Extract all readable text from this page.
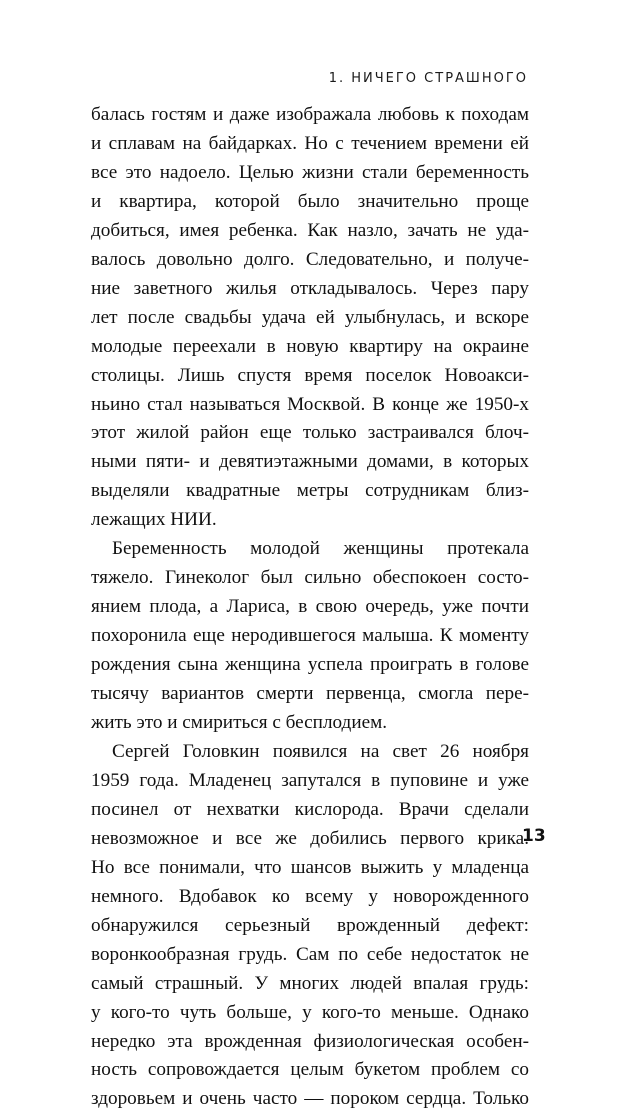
1. НИЧЕГО СТРАШНОГО
балась гостям и даже изображала любовь к походам
и сплавам на байдарках. Но с течением времени ей
все это надоело. Целью жизни стали беременность
и квартира, которой было значительно проще
добиться, имея ребенка. Как назло, зачать не уда-
валось довольно долго. Следовательно, и получе-
ние заветного жилья откладывалось. Через пару
лет после свадьбы удача ей улыбнулась, и вскоре
молодые переехали в новую квартиру на окраине
столицы. Лишь спустя время поселок Новоакси-
ньино стал называться Москвой. В конце же 1950-х
этот жилой район еще только застраивался блоч-
ными пяти- и девятиэтажными домами, в которых
выделяли квадратные метры сотрудникам близ-
лежащих НИИ.
Беременность молодой женщины протекала
тяжело. Гинеколог был сильно обеспокоен состо-
янием плода, а Лариса, в свою очередь, уже почти
похоронила еще неродившегося малыша. К моменту
рождения сына женщина успела проиграть в голове
тысячу вариантов смерти первенца, смогла пере-
жить это и смириться с бесплодием.
Сергей Головкин появился на свет 26 ноября
1959 года. Младенец запутался в пуповине и уже
посинел от нехватки кислорода. Врачи сделали
невозможное и все же добились первого крика.
Но все понимали, что шансов выжить у младенца
немного. Вдобавок ко всему у новорожденного
обнаружился серьезный врожденный дефект:
воронкообразная грудь. Сам по себе недостаток не
самый страшный. У многих людей впалая грудь:
у кого-то чуть больше, у кого-то меньше. Однако
нередко эта врожденная физиологическая особен-
ность сопровождается целым букетом проблем со
здоровьем и очень часто — пороком сердца. Только
13
